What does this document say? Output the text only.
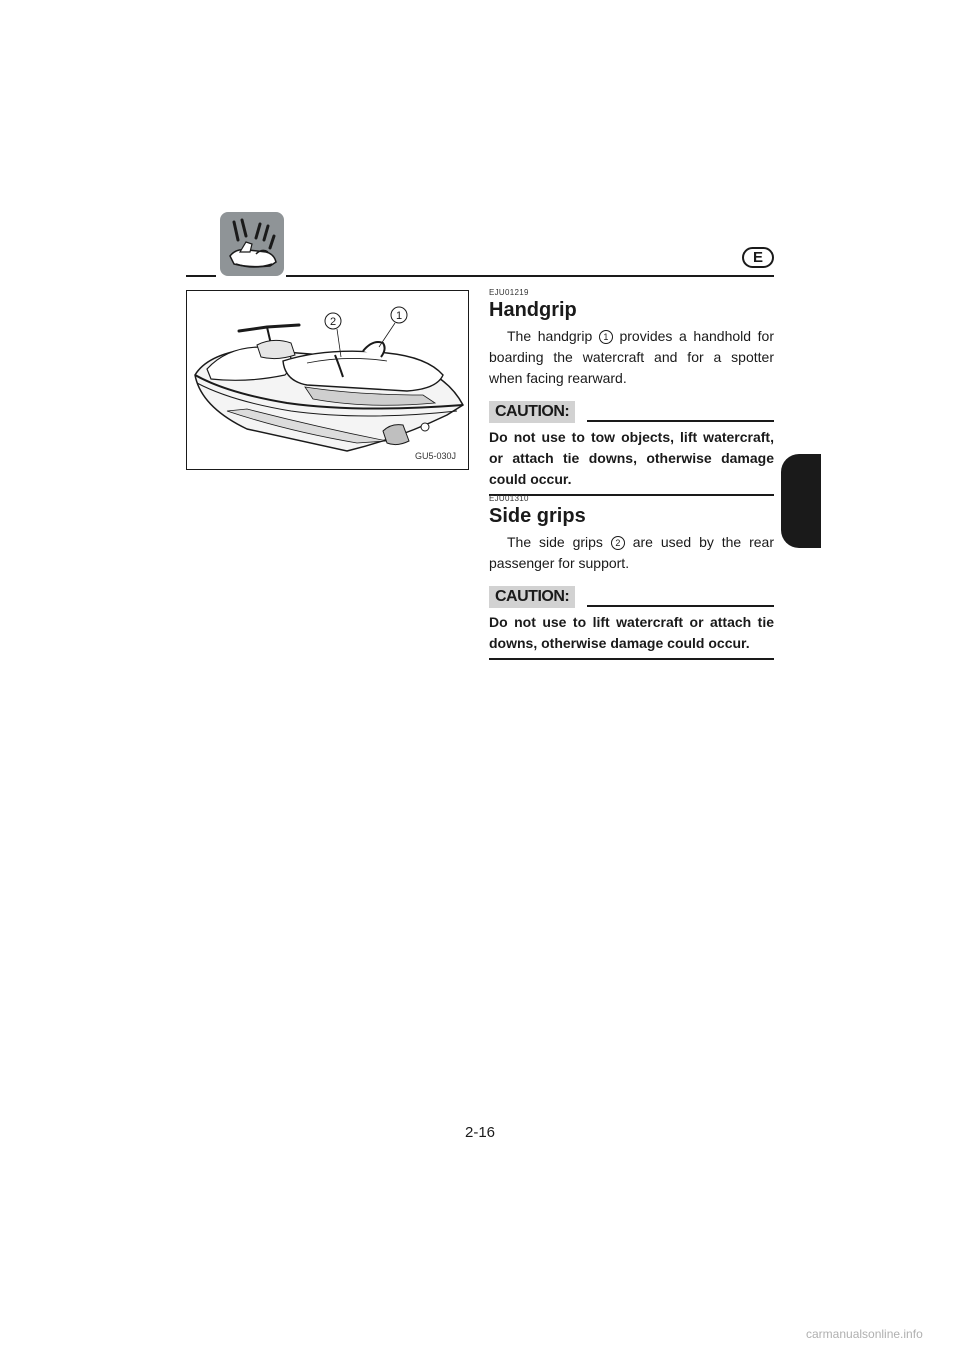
E
2	1
GU5-030J
EJU01219
Handgrip

The handgrip 1 provides a handhold for boarding the watercraft and for a spotter when facing rearward.

CAUTION:

Do not use to tow objects, lift watercraft, or attach tie downs, otherwise damage could occur.

EJU01310
Side grips

The side grips 2 are used by the rear passenger for support.

CAUTION:

Do not use to lift watercraft or attach tie downs, otherwise damage could occur.

2-16
carmanualsonline.info
